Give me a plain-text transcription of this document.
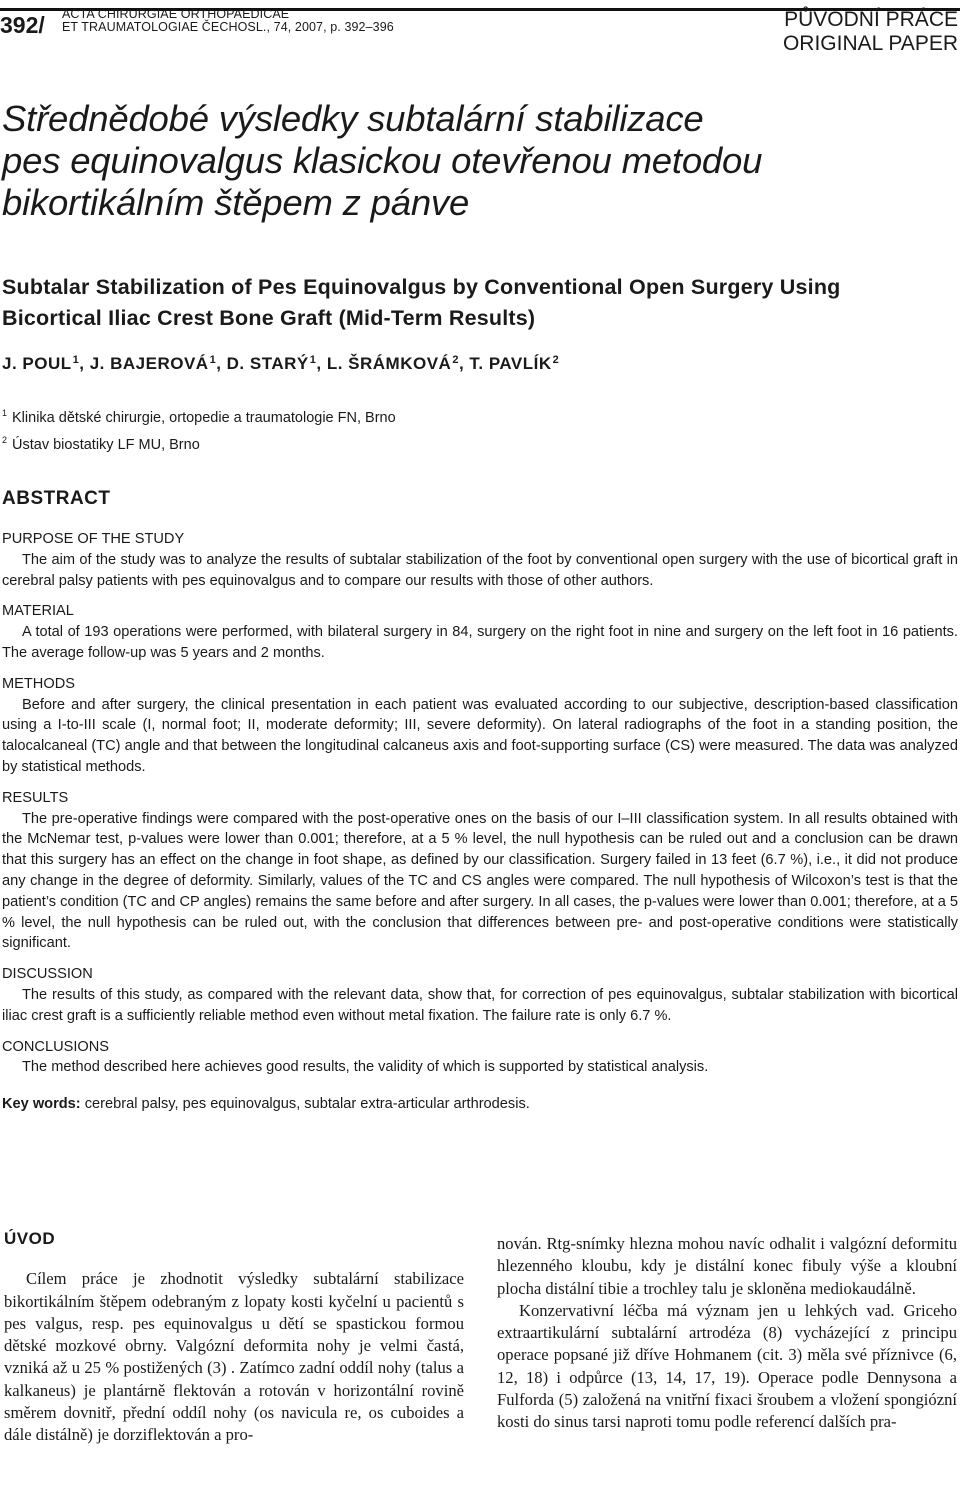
392/ ACTA CHIRURGIAE ORTHOPAEDICAE
ET TRAUMATOLOGIAE ČECHOSL., 74, 2007, p. 392–396	PŮVODNÍ PRÁCE
ORIGINAL PAPER
Střednědobé výsledky subtalární stabilizace
pes equinovalgus klasickou otevřenou metodou
bikortikálním štěpem z pánve
Subtalar Stabilization of Pes Equinovalgus by Conventional Open Surgery Using
Bicortical Iliac Crest Bone Graft (Mid-Term Results)
J. POUL$^1$, J. BAJEROVÁ$^1$, D. STARÝ$^1$, L. ŠRÁMKOVÁ$^2$, T. PAVLÍK$^2$
$^1$ Klinika dětské chirurgie, ortopedie a traumatologie FN, Brno
$^2$ Ústav biostatiky LF MU, Brno
ABSTRACT

PURPOSE OF THE STUDY

The aim of the study was to analyze the results of subtalar stabilization of the foot by conventional open surgery with the use of bicortical graft in cerebral palsy patients with pes equinovalgus and to compare our results with those of other authors.

MATERIAL

A total of 193 operations were performed, with bilateral surgery in 84, surgery on the right foot in nine and surgery on the left foot in 16 patients. The average follow-up was 5 years and 2 months.

METHODS

Before and after surgery, the clinical presentation in each patient was evaluated according to our subjective, description-based classification using a I-to-III scale (I, normal foot; II, moderate deformity; III, severe deformity). On lateral radiographs of the foot in a standing position, the talocalcaneal (TC) angle and that between the longitudinal calcaneus axis and foot-supporting surface (CS) were measured. The data was analyzed by statistical methods.

RESULTS

The pre-operative findings were compared with the post-operative ones on the basis of our I–III classification system. In all results obtained with the McNemar test, p-values were lower than 0.001; therefore, at a 5 % level, the null hypothesis can be ruled out and a conclusion can be drawn that this surgery has an effect on the change in foot shape, as defined by our classification. Surgery failed in 13 feet (6.7 %), i.e., it did not produce any change in the degree of deformity. Similarly, values of the TC and CS angles were compared. The null hypothesis of Wilcoxon’s test is that the patient’s condition (TC and CP angles) remains the same before and after surgery. In all cases, the p-values were lower than 0.001; therefore, at a 5 % level, the null hypothesis can be ruled out, with the conclusion that differences between pre- and post-operative conditions were statistically significant.

DISCUSSION

The results of this study, as compared with the relevant data, show that, for correction of pes equinovalgus, subtalar stabilization with bicortical iliac crest graft is a sufficiently reliable method even without metal fixation. The failure rate is only 6.7 %.

CONCLUSIONS

The method described here achieves good results, the validity of which is supported by statistical analysis.

Key words: cerebral palsy, pes equinovalgus, subtalar extra-articular arthrodesis.
ÚVOD

Cílem práce je zhodnotit výsledky subtalární stabilizace bikortikálním štěpem odebraným z lopaty kosti kyčelní u pacientů s pes valgus, resp. pes equinovalgus u dětí se spastickou formou dětské mozkové obrny. Valgózní deformita nohy je velmi častá, vzniká až u 25 % postižených (3) . Zatímco zadní oddíl nohy (talus a kalkaneus) je plantárně flektován a rotován v horizontální rovině směrem dovnitř, přední oddíl nohy (os navicula re, os cuboides a dále distálně) je dorziflektován a pro-

nován. Rtg-snímky hlezna mohou navíc odhalit i valgózní deformitu hlezenného kloubu, kdy je distální konec fibuly výše a kloubní plocha distální tibie a trochley talu je skloněna mediokaudálně.

Konzervativní léčba má význam jen u lehkých vad. Griceho extraartikulární subtalární artrodéza (8) vycházející z principu operace popsané již dříve Hohmanem (cit. 3) měla své příznivce (6, 12, 18) i odpůrce (13, 14, 17, 19). Operace podle Dennysona a Fulforda (5) založená na vnitřní fixaci šroubem a vložení spongiózní kosti do sinus tarsi naproti tomu podle referencí dalších pra-
